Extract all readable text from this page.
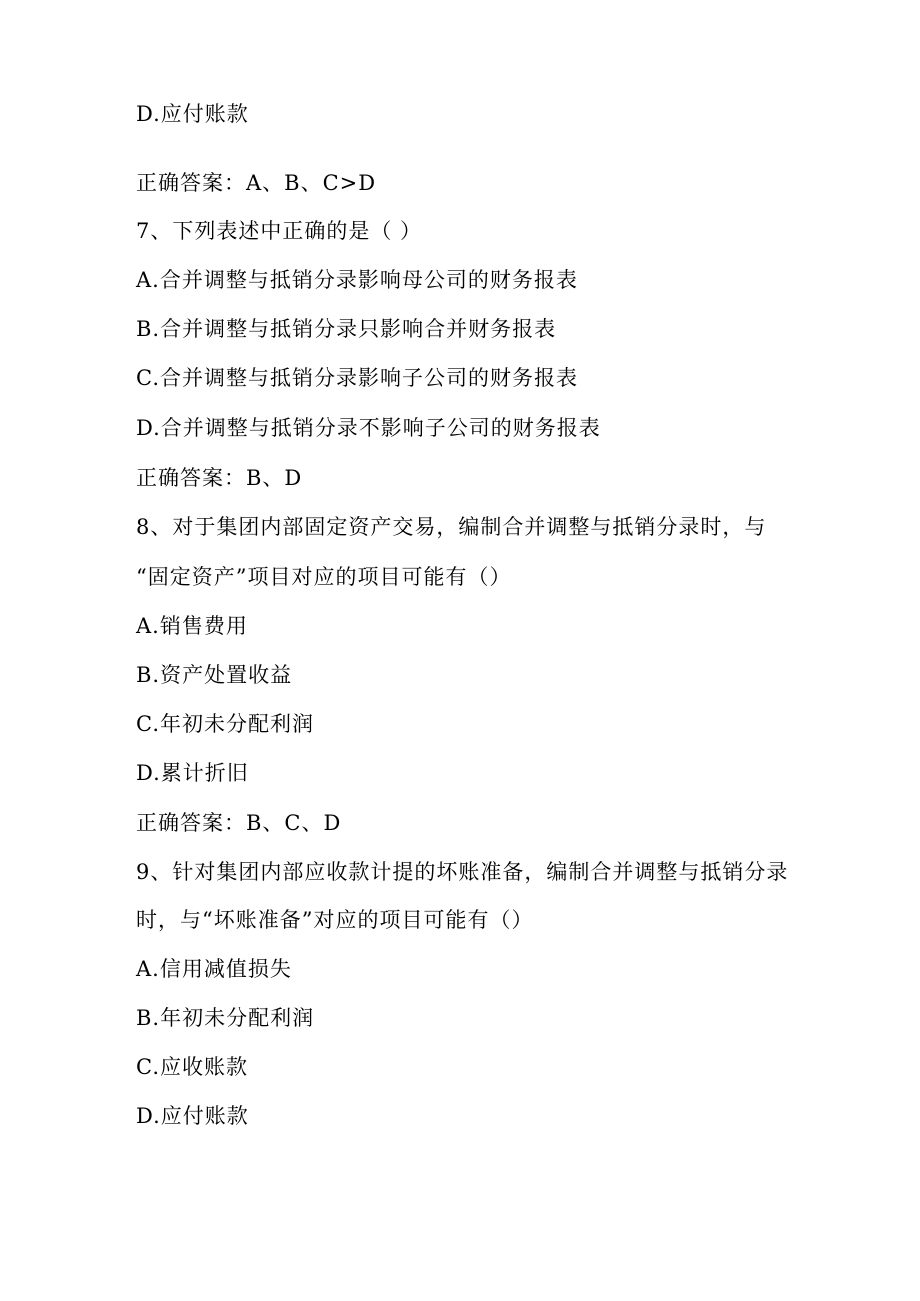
D.应付账款
正确答案：A、B、C>D
7、下列表述中正确的是（ ）
A.合并调整与抵销分录影响母公司的财务报表
B.合并调整与抵销分录只影响合并财务报表
C.合并调整与抵销分录影响子公司的财务报表
D.合并调整与抵销分录不影响子公司的财务报表
正确答案：B、D
8、对于集团内部固定资产交易，编制合并调整与抵销分录时，与
“固定资产”项目对应的项目可能有（）
A.销售费用
B.资产处置收益
C.年初未分配利润
D.累计折旧
正确答案：B、C、D
9、针对集团内部应收款计提的坏账准备，编制合并调整与抵销分录
时，与“坏账准备”对应的项目可能有（）
A.信用减值损失
B.年初未分配利润
C.应收账款
D.应付账款
